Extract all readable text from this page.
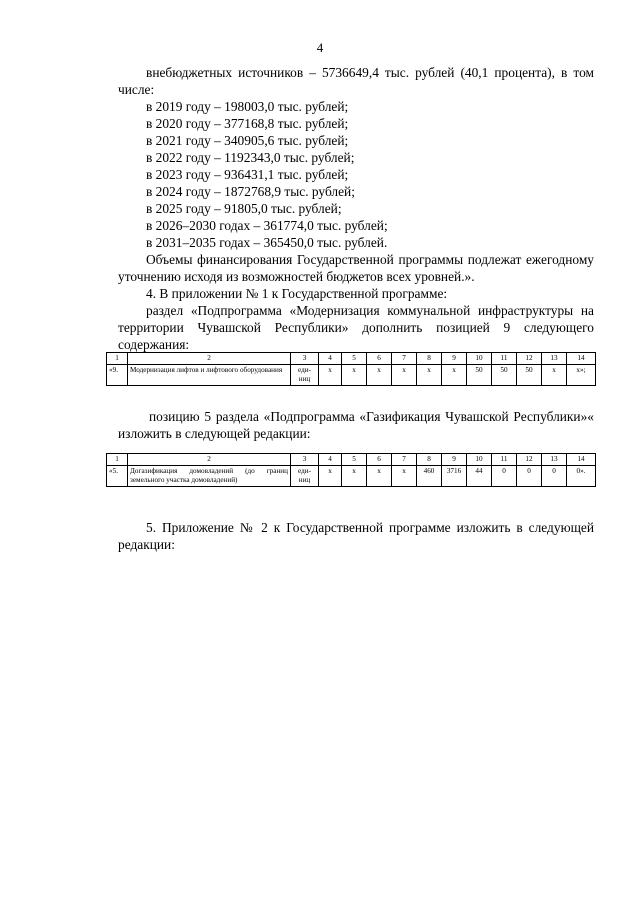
4

внебюджетных источников – 5736649,4 тыс. рублей (40,1 процента), в том числе:

в 2019 году – 198003,0 тыс. рублей;

в 2020 году – 377168,8 тыс. рублей;

в 2021 году – 340905,6 тыс. рублей;

в 2022 году – 1192343,0 тыс. рублей;

в 2023 году – 936431,1 тыс. рублей;

в 2024 году – 1872768,9 тыс. рублей;

в 2025 году – 91805,0 тыс. рублей;

в 2026–2030 годах – 361774,0 тыс. рублей;

в 2031–2035 годах – 365450,0 тыс. рублей.

Объемы финансирования Государственной программы подлежат ежегодному уточнению исходя из возможностей бюджетов всех уровней.».

4. В приложении № 1 к Государственной программе:

раздел «Подпрограмма «Модернизация коммунальной инфраструктуры на территории Чувашской Республики» дополнить позицией 9 следующего содержания:

1	2	3	4	5	6	7	8	9	10	11	12	13	14
«9.	Модернизация лифтов и лифтового оборудования	еди-ниц	х	х	х	х	х	х	50	50	50	х	х»;

позицию 5 раздела «Подпрограмма «Газификация Чувашской Республики»« изложить в следующей редакции:

1	2	3	4	5	6	7	8	9	10	11	12	13	14
«5.	Догазификация домовладений (до границ земельного участка домовладений)	еди-ниц	х	х	х	х	460	3716	44	0	0	0	0».

5. Приложение № 2 к Государственной программе изложить в следующей редакции:
